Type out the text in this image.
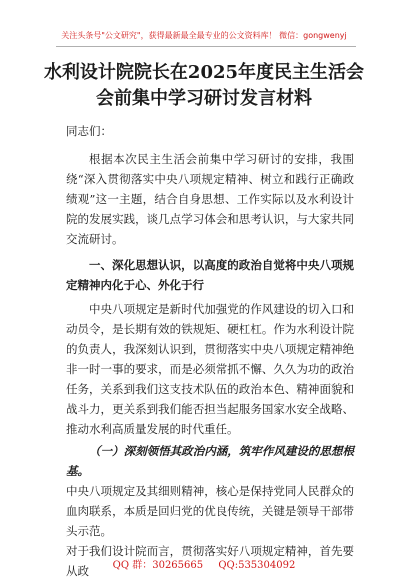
关注头条号"公文研究"，获得最新最全最专业的公文资料库！ 微信：gongwenyj
水利设计院院长在2025年度民主生活会会前集中学习研讨发言材料

同志们：

根据本次民主生活会前集中学习研讨的安排，我围绕“深入贯彻落实中央八项规定精神、树立和践行正确政绩观”这一主题，结合自身思想、工作实际以及水利设计院的发展实践，谈几点学习体会和思考认识，与大家共同交流研讨。

一、深化思想认识，以高度的政治自觉将中央八项规定精神内化于心、外化于行

中央八项规定是新时代加强党的作风建设的切入口和动员令，是长期有效的铁规矩、硬杠杠。作为水利设计院的负责人，我深刻认识到，贯彻落实中央八项规定精神绝非一时一事的要求，而是必须常抓不懈、久久为功的政治任务，关系到我们这支技术队伍的政治本色、精神面貌和战斗力，更关系到我们能否担当起服务国家水安全战略、推动水利高质量发展的时代重任。

（一）深刻领悟其政治内涵，筑牢作风建设的思想根基。

中央八项规定及其细则精神，核心是保持党同人民群众的血肉联系，本质是回归党的优良传统，关键是领导干部带头示范。

对于我们设计院而言，贯彻落实好八项规定精神，首先要从政	QQ 群：30265665 QQ:535304092
